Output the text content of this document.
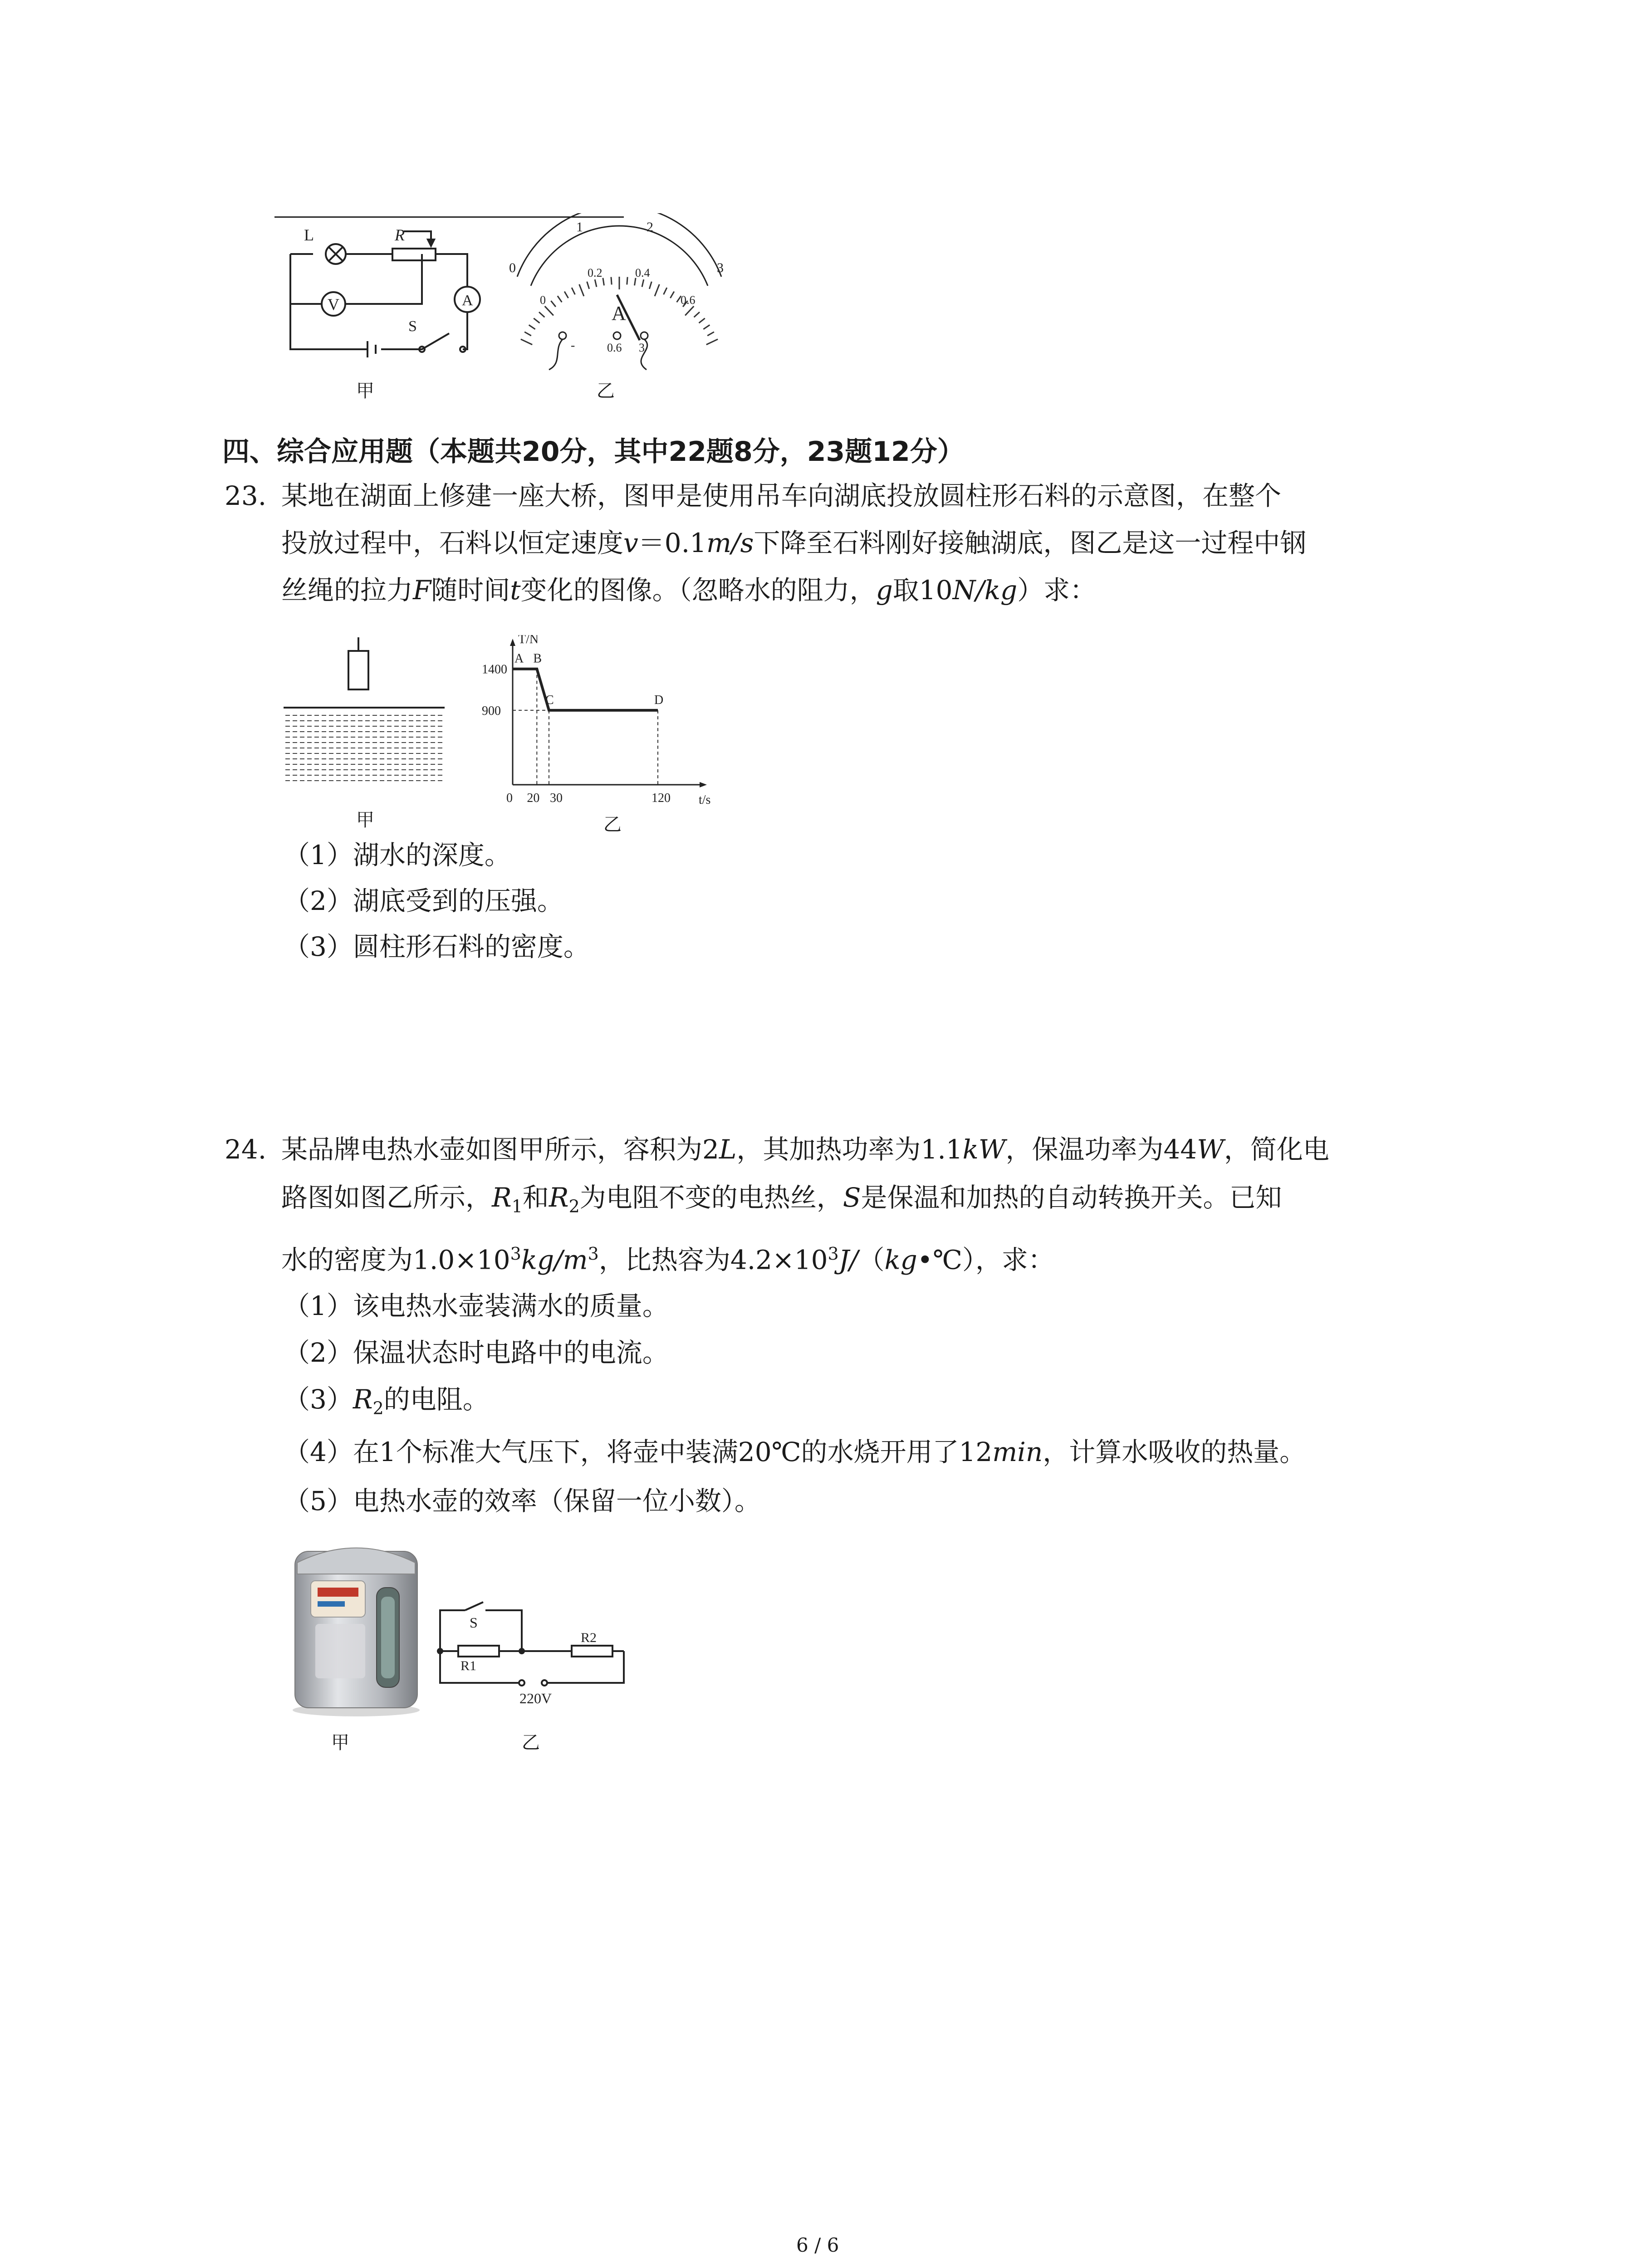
L	R
V	A
S
甲
0
1	2
3
0
0.2	0.4
0.6
A
-	0.6 3
乙
四、综合应用题（本题共20分，其中22题8分，23题12分）
23. 某地在湖面上修建一座大桥，图甲是使用吊车向湖底投放圆柱形石料的示意图，在整个
投放过程中，石料以恒定速度v＝0.1m/s下降至石料刚好接触湖底，图乙是这一过程中钢
丝绳的拉力F随时间t变化的图像。（忽略水的阻力，g取10N/kg）求：
甲
A B
C	D
900
1400
0 20 30	120
T/N
t/s
乙
（1）湖水的深度。
（2）湖底受到的压强。
（3）圆柱形石料的密度。
24. 某品牌电热水壶如图甲所示，容积为2L，其加热功率为1.1kW，保温功率为44W，简化电
路图如图乙所示，$R_1$和$R_2$为电阻不变的电热丝，S是保温和加热的自动转换开关。已知
水的密度为$1.0\times 10^3kg/m^3$，比热容为$4.2\times 10^3J/(kg•℃)$，求：
（1）该电热水壶装满水的质量。
（2）保温状态时电路中的电流。
$(3)R_2$的电阻。
（4）在1个标准大气压下，将壶中装满20℃的水烧开用了12min，计算水吸收的热量。
（5）电热水壶的效率（保留一位小数）。
甲
S
R1
R2
220V
乙
6 / 6
